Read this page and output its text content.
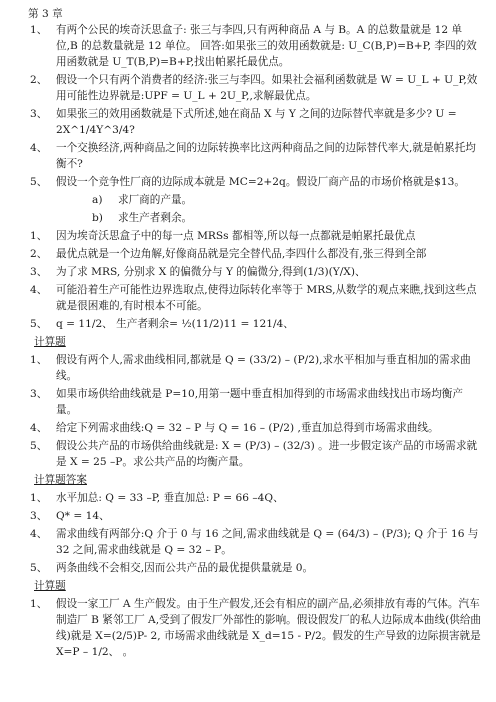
第 3 章

1、 有两个公民的埃奇沃思盒子: 张三与李四,只有两种商品 A 与 B。A 的总数量就是 12 单位,B 的总数量就是 12 单位。 回答:如果张三的效用函数就是: U_C(B,P)=B+P, 李四的效用函数就是 U_T(B,P)=B+P,找出帕累托最优点。
2、 假设一个只有两个消费者的经济:张三与李四。如果社会福利函数就是 W = U_L + U_P,效用可能性边界就是:UPF = U_L + 2U_P,,求解最优点。
3、 如果张三的效用函数就是下式所述,她在商品 X 与 Y 之间的边际替代率就是多少? U = 2X^1/4Y^3/4?
4、 一个交换经济,两种商品之间的边际转换率比这两种商品之间的边际替代率大,就是帕累托均衡不?
5、 假设一个竞争性厂商的边际成本就是 MC=2+2q。假设厂商产品的市场价格就是$13。
a)	求厂商的产量。
b)	求生产者剩余。
1、 因为埃奇沃思盒子中的每一点 MRSs 都相等,所以每一点都就是帕累托最优点
2、 最优点就是一个边角解,好像商品就是完全替代品,李四什么都没有,张三得到全部
3、 为了求 MRS, 分别求 X 的偏微分与 Y 的偏微分,得到(1/3)(Y/X)、
4、 可能沿着生产可能性边界选取点,使得边际转化率等于 MRS,从数学的观点来瞧,找到这些点就是很困难的,有时根本不可能。
5、 q = 11/2、 生产者剩余= ½(11/2)11 = 121/4、

计算题

1、 假设有两个人,需求曲线相同,都就是 Q = (33/2) – (P/2),求水平相加与垂直相加的需求曲线。
3、 如果市场供给曲线就是 P=10,用第一题中垂直相加得到的市场需求曲线找出市场均衡产量。
4、 给定下列需求曲线:Q = 32 – P 与 Q = 16 – (P/2) ,垂直加总得到市场需求曲线。
5、 假设公共产品的市场供给曲线就是: X = (P/3) – (32/3) 。进一步假定该产品的市场需求就是 X = 25 –P。求公共产品的均衡产量。

计算题答案

1、 水平加总: Q = 33 –P, 垂直加总: P = 66 –4Q、
3、 Q* = 14、
4、 需求曲线有两部分:Q 介于 0 与 16 之间,需求曲线就是 Q = (64/3) – (P/3); Q 介于 16 与 32 之间,需求曲线就是 Q = 32 – P。
5、 两条曲线不会相交,因而公共产品的最优提供量就是 0。

计算题

1、 假设一家工厂 A 生产假发。由于生产假发,还会有相应的副产品,必须排放有毒的气体。汽车制造厂 B 紧邻工厂 A,受到了假发厂外部性的影响。假设假发厂的私人边际成本曲线(供给曲线)就是 X=(2/5)P- 2, 市场需求曲线就是 X_d=15 - P/2。假发的生产导致的边际损害就是 X=P – 1/2、 。
